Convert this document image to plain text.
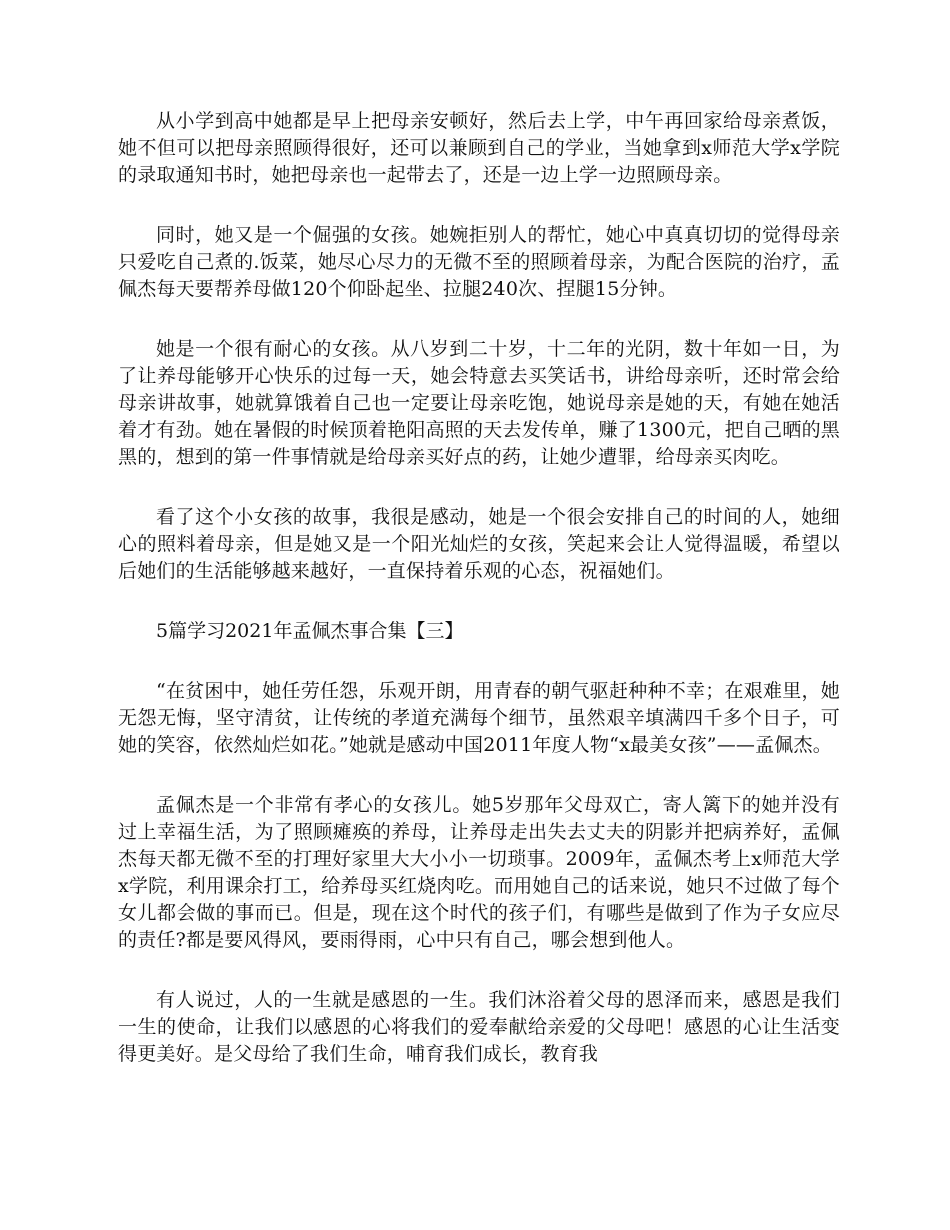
从小学到高中她都是早上把母亲安顿好，然后去上学，中午再回家给母亲煮饭，她不但可以把母亲照顾得很好，还可以兼顾到自己的学业，当她拿到x师范大学x学院的录取通知书时，她把母亲也一起带去了，还是一边上学一边照顾母亲。

同时，她又是一个倔强的女孩。她婉拒别人的帮忙，她心中真真切切的觉得母亲只爱吃自己煮的.饭菜，她尽心尽力的无微不至的照顾着母亲，为配合医院的治疗，孟佩杰每天要帮养母做120个仰卧起坐、拉腿240次、捏腿15分钟。

她是一个很有耐心的女孩。从八岁到二十岁，十二年的光阴，数十年如一日，为了让养母能够开心快乐的过每一天，她会特意去买笑话书，讲给母亲听，还时常会给母亲讲故事，她就算饿着自己也一定要让母亲吃饱，她说母亲是她的天，有她在她活着才有劲。她在暑假的时候顶着艳阳高照的天去发传单，赚了1300元，把自己晒的黑黑的，想到的第一件事情就是给母亲买好点的药，让她少遭罪，给母亲买肉吃。

看了这个小女孩的故事，我很是感动，她是一个很会安排自己的时间的人，她细心的照料着母亲，但是她又是一个阳光灿烂的女孩，笑起来会让人觉得温暖，希望以后她们的生活能够越来越好，一直保持着乐观的心态，祝福她们。

5篇学习2021年孟佩杰事合集【三】

“在贫困中，她任劳任怨，乐观开朗，用青春的朝气驱赶种种不幸；在艰难里，她无怨无悔，坚守清贫，让传统的孝道充满每个细节，虽然艰辛填满四千多个日子，可她的笑容，依然灿烂如花。”她就是感动中国2011年度人物“x最美女孩”——孟佩杰。

孟佩杰是一个非常有孝心的女孩儿。她5岁那年父母双亡，寄人篱下的她并没有过上幸福生活，为了照顾瘫痪的养母，让养母走出失去丈夫的阴影并把病养好，孟佩杰每天都无微不至的打理好家里大大小小一切琐事。2009年，孟佩杰考上x师范大学x学院，利用课余打工，给养母买红烧肉吃。而用她自己的话来说，她只不过做了每个女儿都会做的事而已。但是，现在这个时代的孩子们，有哪些是做到了作为子女应尽的责任?都是要风得风，要雨得雨，心中只有自己，哪会想到他人。

有人说过，人的一生就是感恩的一生。我们沐浴着父母的恩泽而来，感恩是我们一生的使命，让我们以感恩的心将我们的爱奉献给亲爱的父母吧！感恩的心让生活变得更美好。是父母给了我们生命，哺育我们成长，教育我
